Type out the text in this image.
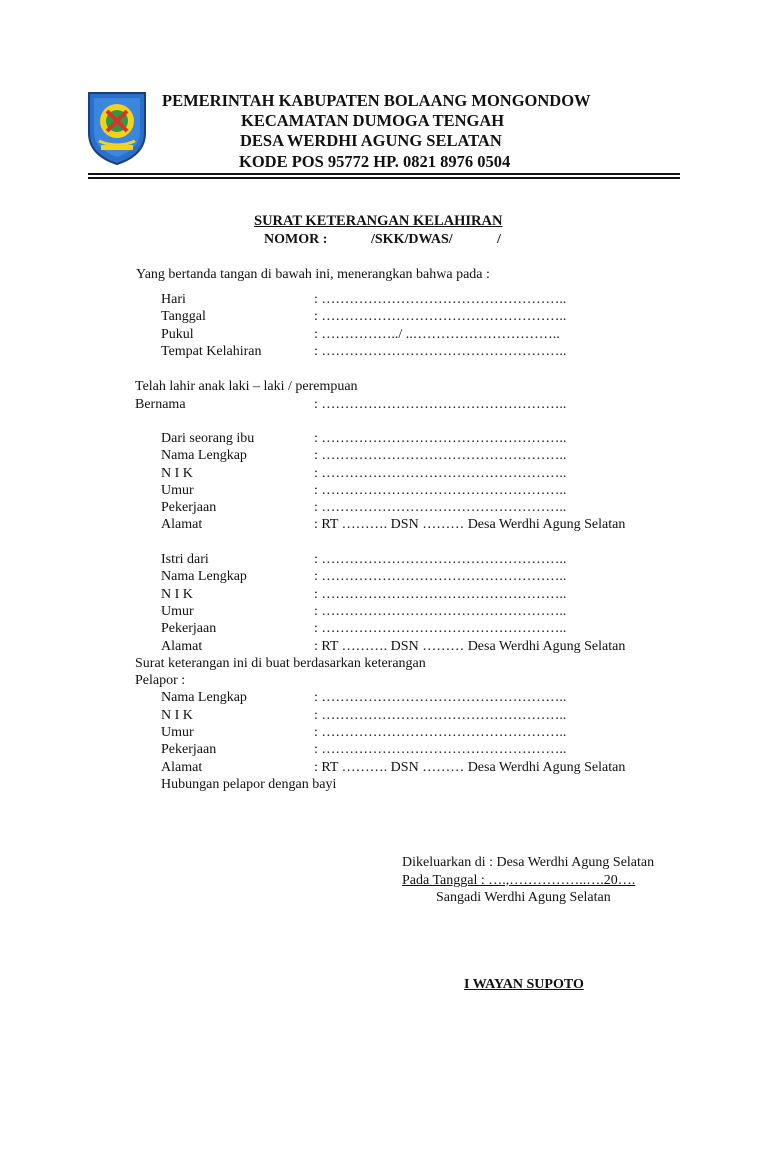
PEMERINTAH KABUPATEN BOLAANG MONGONDOW
KECAMATAN DUMOGA TENGAH
DESA WERDHI AGUNG SELATAN
KODE POS 95772 HP. 0821 8976 0504
SURAT KETERANGAN KELAHIRAN
NOMOR :	/SKK/DWAS/	/
Yang bertanda tangan di bawah ini, menerangkan bahwa pada :
Hari	: ……………………………………………..
Tanggal	: ……………………………………………..
Pukul	: ……………../ ..…………………………..
Tempat Kelahiran	: ……………………………………………..
Telah lahir anak laki – laki / perempuan
Bernama	: ……………………………………………..
Dari seorang ibu	: ……………………………………………..
Nama Lengkap	: ……………………………………………..
N I K	: ……………………………………………..
Umur	: ……………………………………………..
Pekerjaan	: ……………………………………………..
Alamat	: RT ………. DSN ……… Desa Werdhi Agung Selatan
Istri dari	: ……………………………………………..
Nama Lengkap	: ……………………………………………..
N I K	: ……………………………………………..
Umur	: ……………………………………………..
Pekerjaan	: ……………………………………………..
Alamat	: RT ………. DSN ……… Desa Werdhi Agung Selatan
Surat keterangan ini di buat berdasarkan keterangan
Pelapor :
Nama Lengkap	: ……………………………………………..
N I K	: ……………………………………………..
Umur	: ……………………………………………..
Pekerjaan	: ……………………………………………..
Alamat	: RT ………. DSN ……… Desa Werdhi Agung Selatan
Hubungan pelapor dengan bayi
Dikeluarkan di : Desa Werdhi Agung Selatan
Pada Tanggal : ….,……………..….20….
Sangadi Werdhi Agung Selatan
I WAYAN SUPOTO
